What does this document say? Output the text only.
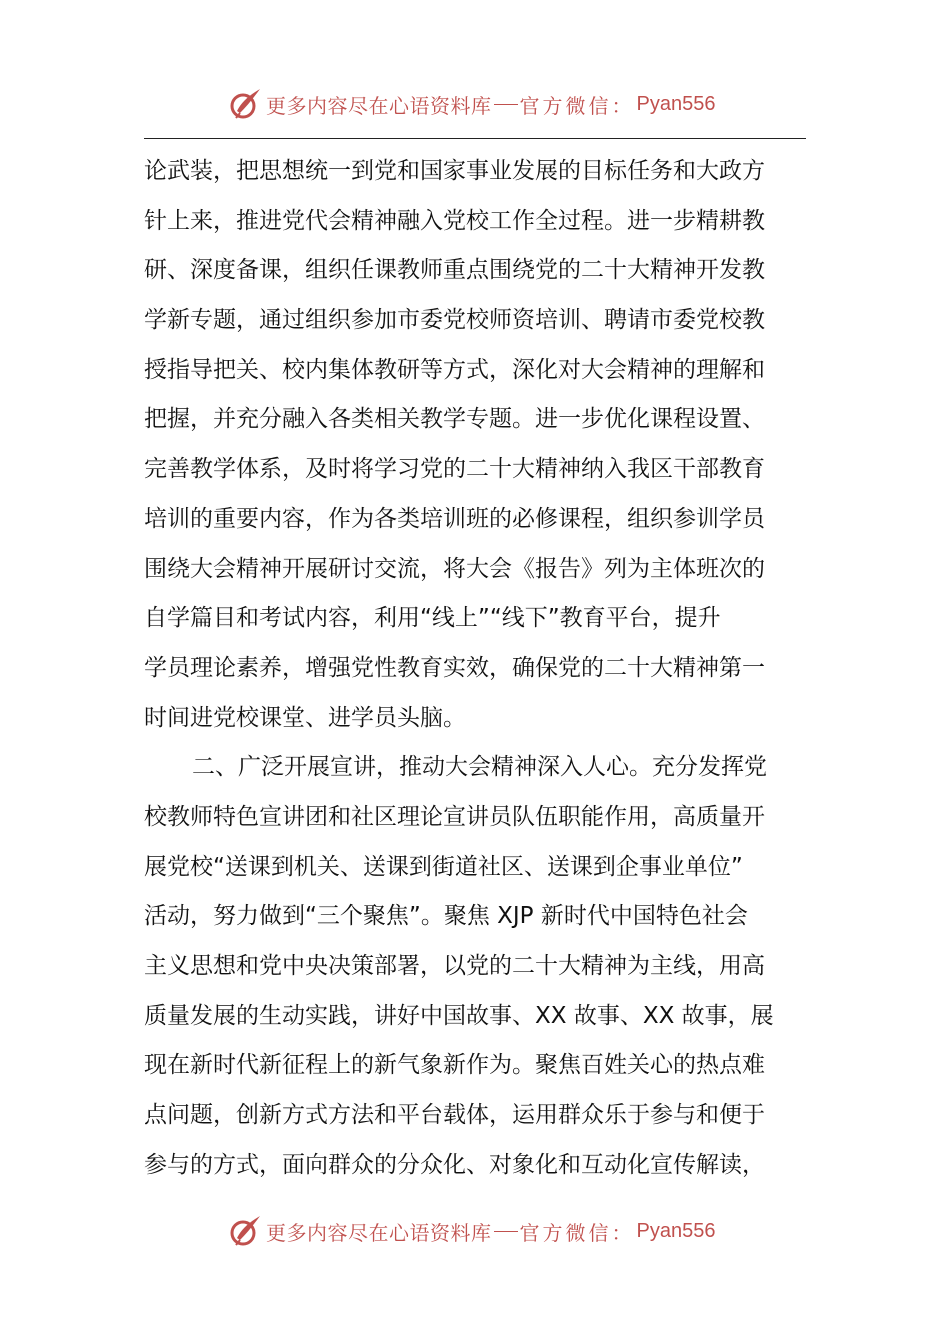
更多内容尽在心语资料库 官方微信： Pyan556
论武装，把思想统一到党和国家事业发展的目标任务和大政方
针上来，推进党代会精神融入党校工作全过程。进一步精耕教
研、深度备课，组织任课教师重点围绕党的二十大精神开发教
学新专题，通过组织参加市委党校师资培训、聘请市委党校教
授指导把关、校内集体教研等方式，深化对大会精神的理解和
把握，并充分融入各类相关教学专题。进一步优化课程设置、
完善教学体系，及时将学习党的二十大精神纳入我区干部教育
培训的重要内容，作为各类培训班的必修课程，组织参训学员
围绕大会精神开展研讨交流，将大会《报告》列为主体班次的
自学篇目和考试内容，利用“线上”“线下”教育平台，提升
学员理论素养，增强党性教育实效，确保党的二十大精神第一
时间进党校课堂、进学员头脑。
二、广泛开展宣讲，推动大会精神深入人心。充分发挥党
校教师特色宣讲团和社区理论宣讲员队伍职能作用，高质量开
展党校“送课到机关、送课到街道社区、送课到企事业单位”
活动，努力做到“三个聚焦”。聚焦 XJP 新时代中国特色社会
主义思想和党中央决策部署，以党的二十大精神为主线，用高
质量发展的生动实践，讲好中国故事、XX 故事、XX 故事，展
现在新时代新征程上的新气象新作为。聚焦百姓关心的热点难
点问题，创新方式方法和平台载体，运用群众乐于参与和便于
参与的方式，面向群众的分众化、对象化和互动化宣传解读，
更多内容尽在心语资料库 官方微信： Pyan556
